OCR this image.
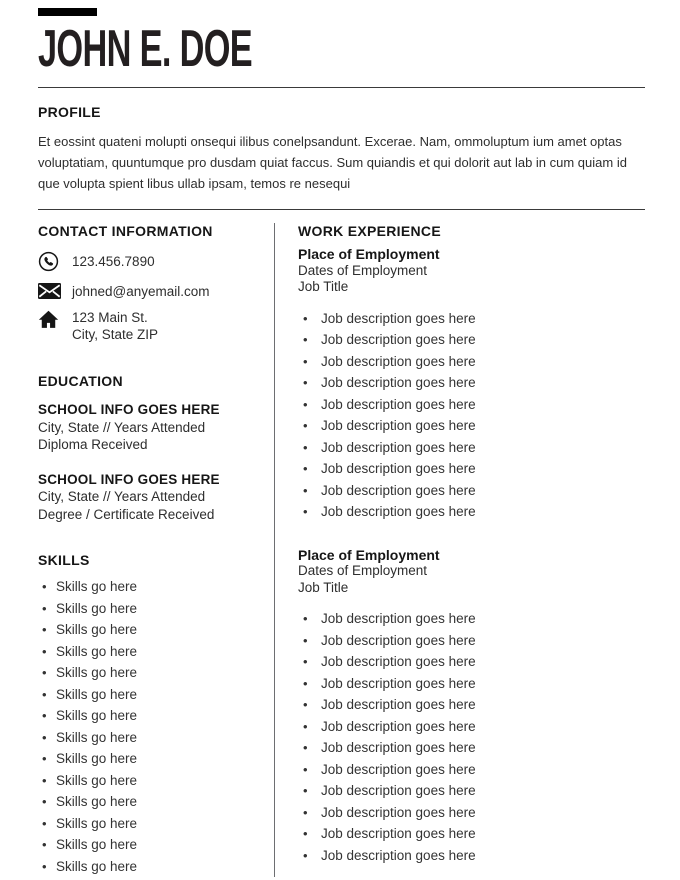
JOHN E. DOE
PROFILE

Et eossint quateni molupti onsequi ilibus conelpsandunt. Excerae. Nam, ommoluptum ium amet optas voluptatiam, quuntumque pro dusdam quiat faccus. Sum quiandis et qui dolorit aut lab in cum quiam id que volupta spient libus ullab ipsam, temos re nesequi

CONTACT INFORMATION
123.456.7890
johned@anyemail.com
123 Main St.
City, State ZIP
EDUCATION
SCHOOL INFO GOES HERE
City, State // Years Attended
Diploma Received
SCHOOL INFO GOES HERE
City, State // Years Attended
Degree / Certificate Received
SKILLS
• Skills go here
• Skills go here
• Skills go here
• Skills go here
• Skills go here
• Skills go here
• Skills go here
• Skills go here
• Skills go here
• Skills go here
• Skills go here
• Skills go here
• Skills go here
• Skills go here
WORK EXPERIENCE
Place of Employment
Dates of Employment
Job Title
• Job description goes here
• Job description goes here
• Job description goes here
• Job description goes here
• Job description goes here
• Job description goes here
• Job description goes here
• Job description goes here
• Job description goes here
• Job description goes here
Place of Employment
Dates of Employment
Job Title
• Job description goes here
• Job description goes here
• Job description goes here
• Job description goes here
• Job description goes here
• Job description goes here
• Job description goes here
• Job description goes here
• Job description goes here
• Job description goes here
• Job description goes here
• Job description goes here
